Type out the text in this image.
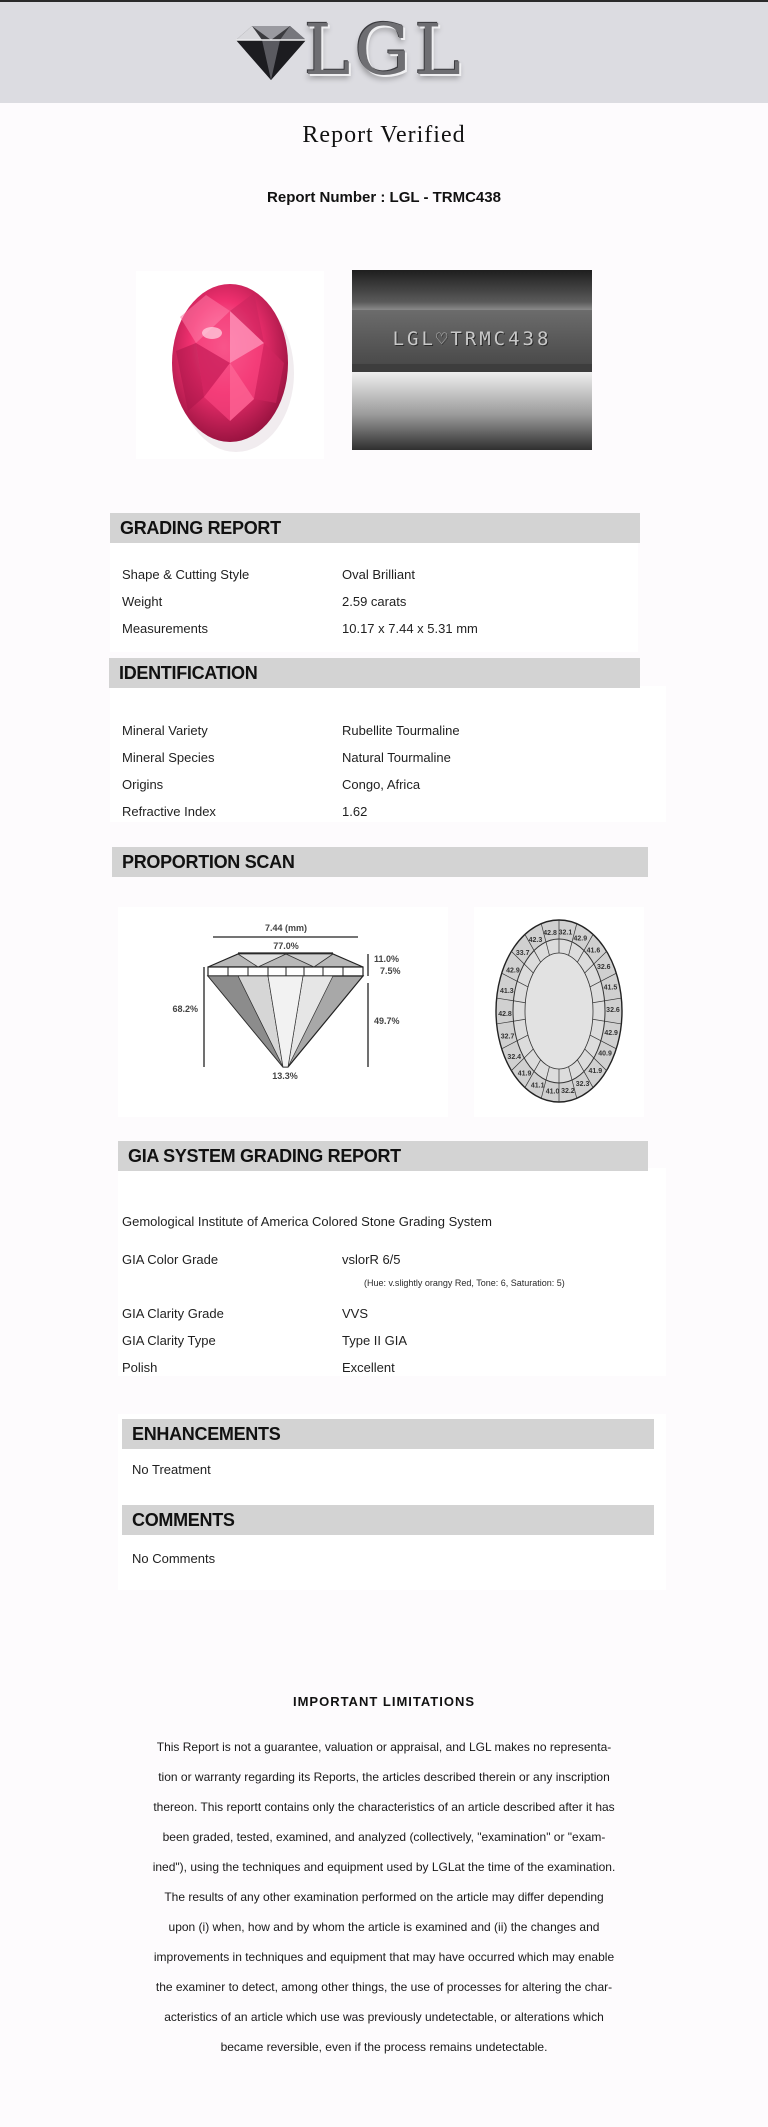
LGL
Report Verified
Report Number : LGL - TRMC438
LGL♡TRMC438
GRADING REPORT
Shape & Cutting Style	Oval Brilliant
Weight	2.59 carats
Measurements	10.17 x 7.44 x 5.31 mm
IDENTIFICATION
Mineral Variety	Rubellite Tourmaline
Mineral Species	Natural Tourmaline
Origins	Congo, Africa
Refractive Index	1.62
PROPORTION SCAN
7.44 (mm)
77.0%
11.0%
7.5%
68.2%
49.7%
13.3%
32.1
42.9
41.6
32.6
41.5
32.6
42.9
40.9
41.9
32.3
32.2
41.0
41.1
41.9
32.4
32.7
42.8
41.3
42.9
33.7
42.3
42.8
GIA SYSTEM GRADING REPORT
Gemological Institute of America Colored Stone Grading System
GIA Color Grade	vslorR 6/5
(Hue: v.slightly orangy Red, Tone: 6, Saturation: 5)
GIA Clarity Grade	VVS
GIA Clarity Type	Type II GIA
Polish	Excellent
ENHANCEMENTS
No Treatment
COMMENTS
No Comments
IMPORTANT LIMITATIONS
This Report is not a guarantee, valuation or appraisal, and LGL makes no representa-
tion or warranty regarding its Reports, the articles described therein or any inscription
thereon. This reportt contains only the characteristics of an article described after it has
been graded, tested, examined, and analyzed (collectively, "examination" or "exam-
ined"), using the techniques and equipment used by LGLat the time of the examination.
The results of any other examination performed on the article may differ depending
upon (i) when, how and by whom the article is examined and (ii) the changes and
improvements in techniques and equipment that may have occurred which may enable
the examiner to detect, among other things, the use of processes for altering the char-
acteristics of an article which use was previously undetectable, or alterations which
became reversible, even if the process remains undetectable.
